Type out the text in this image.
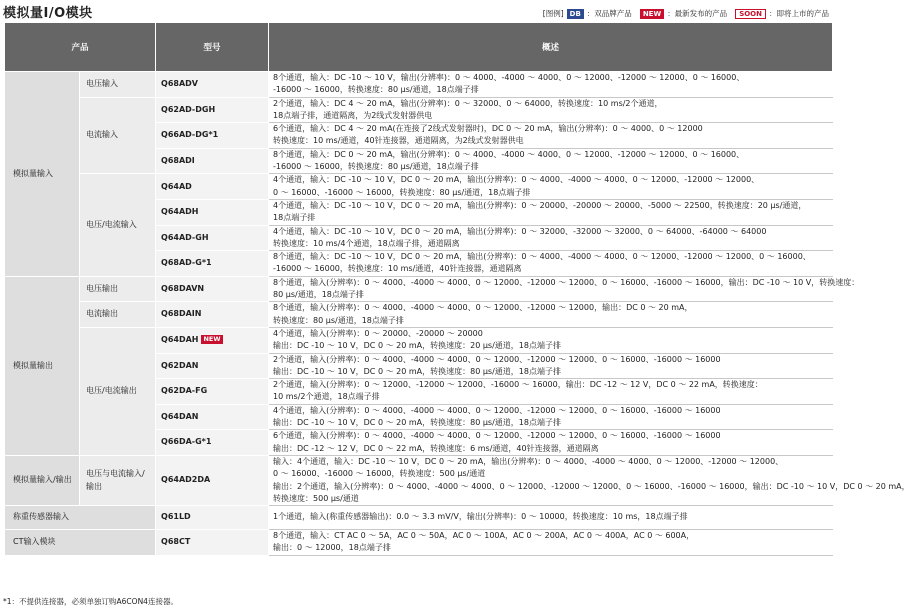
模拟量I/O模块	[图例] DB ：双品牌产品	NEW ：最新发布的产品	SOON ：即将上市的产品
产品		型号	概述
模拟量输入	电压输入	Q68ADV	8个通道，输入：DC -10 ～ 10 V，输出(分辨率)：0 ～ 4000、-4000 ～ 4000、0 ～ 12000、-12000 ～ 12000、0 ～ 16000、
-16000 ～ 16000，转换速度：80 μs/通道，18点端子排

	电流输入	Q62AD-DGH	2个通道，输入：DC 4 ～ 20 mA，输出(分辨率)：0 ～ 32000、0 ～ 64000，转换速度：10 ms/2个通道，
18点端子排，通道隔离，为2线式发射器供电

		Q66AD-DG*1	6个通道，输入：DC 4 ～ 20 mA(在连接了2线式发射器时)，DC 0 ～ 20 mA，输出(分辨率)：0 ～ 4000、0 ～ 12000
转换速度：10 ms/通道，40针连接器，通道隔离，为2线式发射器供电

		Q68ADI	8个通道，输入：DC 0 ～ 20 mA，输出(分辨率)：0 ～ 4000、-4000 ～ 4000、0 ～ 12000、-12000 ～ 12000、0 ～ 16000、
-16000 ～ 16000，转换速度：80 μs/通道，18点端子排

	电压/电流输入	Q64AD	4个通道，输入：DC -10 ～ 10 V，DC 0 ～ 20 mA，输出(分辨率)：0 ～ 4000、-4000 ～ 4000、0 ～ 12000、-12000 ～ 12000、
0 ～ 16000、-16000 ～ 16000，转换速度：80 μs/通道，18点端子排

		Q64ADH	4个通道，输入：DC -10 ～ 10 V，DC 0 ～ 20 mA，输出(分辨率)：0 ～ 20000、-20000 ～ 20000、-5000 ～ 22500，转换速度：20 μs/通道，
18点端子排

		Q64AD-GH	4个通道，输入：DC -10 ～ 10 V，DC 0 ～ 20 mA，输出(分辨率)：0 ～ 32000、-32000 ～ 32000、0 ～ 64000、-64000 ～ 64000
转换速度：10 ms/4个通道，18点端子排，通道隔离

		Q68AD-G*1	8个通道，输入：DC -10 ～ 10 V，DC 0 ～ 20 mA，输出(分辨率)：0 ～ 4000、-4000 ～ 4000、0 ～ 12000、-12000 ～ 12000、0 ～ 16000、
-16000 ～ 16000，转换速度：10 ms/通道，40针连接器，通道隔离

模拟量输出	电压输出	Q68DAVN	8个通道，输入(分辨率)：0 ～ 4000、-4000 ～ 4000、0 ～ 12000、-12000 ～ 12000、0 ～ 16000、-16000 ～ 16000，输出：DC -10 ～ 10 V，转换速度：
80 μs/通道，18点端子排

	电流输出	Q68DAIN	8个通道，输入(分辨率)：0 ～ 4000、-4000 ～ 4000、0 ～ 12000、-12000 ～ 12000，输出：DC 0 ～ 20 mA，
转换速度：80 μs/通道，18点端子排

	电压/电流输出	Q64DAH NEW	4个通道，输入(分辨率)：0 ～ 20000、-20000 ～ 20000
输出：DC -10 ～ 10 V，DC 0 ～ 20 mA，转换速度：20 μs/通道，18点端子排

		Q62DAN	2个通道，输入(分辨率)：0 ～ 4000、-4000 ～ 4000、0 ～ 12000、-12000 ～ 12000、0 ～ 16000、-16000 ～ 16000
输出：DC -10 ～ 10 V，DC 0 ～ 20 mA，转换速度：80 μs/通道，18点端子排

		Q62DA-FG	2个通道，输入(分辨率)：0 ～ 12000、-12000 ～ 12000、-16000 ～ 16000，输出：DC -12 ～ 12 V，DC 0 ～ 22 mA，转换速度：
10 ms/2个通道，18点端子排

		Q64DAN	4个通道，输入(分辨率)：0 ～ 4000、-4000 ～ 4000、0 ～ 12000、-12000 ～ 12000、0 ～ 16000、-16000 ～ 16000
输出：DC -10 ～ 10 V，DC 0 ～ 20 mA，转换速度：80 μs/通道，18点端子排

		Q66DA-G*1	6个通道，输入(分辨率)：0 ～ 4000、-4000 ～ 4000、0 ～ 12000、-12000 ～ 12000、0 ～ 16000、-16000 ～ 16000
输出：DC -12 ～ 12 V，DC 0 ～ 22 mA，转换速度：6 ms/通道，40针连接器，通道隔离

模拟量输入/输出	电压与电流输入/输出	Q64AD2DA	输入：4个通道，输入：DC -10 ～ 10 V，DC 0 ～ 20 mA，输出(分辨率)：0 ～ 4000、-4000 ～ 4000、0 ～ 12000、-12000 ～ 12000、
0 ～ 16000、-16000 ～ 16000，转换速度：500 μs/通道
输出：2个通道，输入(分辨率)：0 ～ 4000、-4000 ～ 4000、0 ～ 12000、-12000 ～ 12000、0 ～ 16000、-16000 ～ 16000，输出：DC -10 ～ 10 V，DC 0 ～ 20 mA，
转换速度：500 μs/通道

称重传感器输入		Q61LD	1个通道，输入(称重传感器输出)：0.0 ～ 3.3 mV/V，输出(分辨率)：0 ～ 10000，转换速度：10 ms，18点端子排

CT输入模块		Q68CT	8个通道，输入：CT AC 0 ～ 5A，AC 0 ～ 50A，AC 0 ～ 100A，AC 0 ～ 200A，AC 0 ～ 400A，AC 0 ～ 600A，
输出：0 ～ 12000，18点端子排
*1：不提供连接器，必须单独订购A6CON4连接器。
